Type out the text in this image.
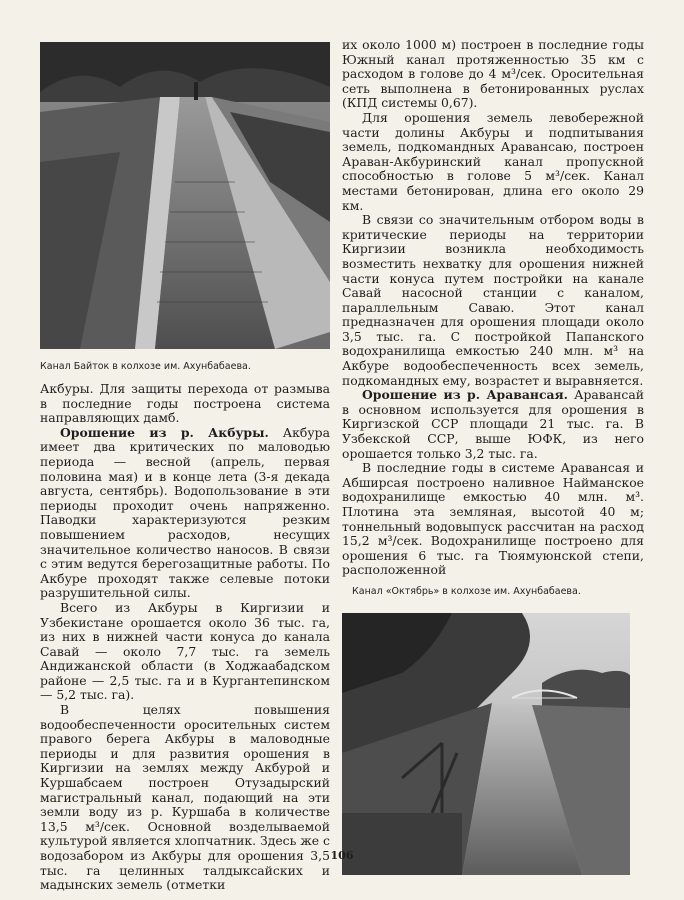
Канал Байток в колхозе им. Ахунбабаева.

Акбуры. Для защиты перехода от размыва в последние годы построена система направляющих дамб.

Орошение из р. Акбуры. Акбура имеет два критических по маловодью периода — весной (апрель, первая половина мая) и в конце лета (3-я декада августа, сентябрь). Водопользование в эти периоды проходит очень напряженно. Паводки характеризуются резким повышением расходов, несущих значительное количество наносов. В связи с этим ведутся берегозащитные работы. По Акбуре проходят также селевые потоки разрушительной силы.

Всего из Акбуры в Киргизии и Узбекистане орошается около 36 тыс. га, из них в нижней части конуса до канала Савай — около 7,7 тыс. га земель Андижанской области (в Ходжаабадском районе — 2,5 тыс. га и в Кургантепинском — 5,2 тыс. га).

В целях повышения водообеспеченности оросительных систем правого берега Акбуры в маловодные периоды и для развития орошения в Киргизии на землях между Акбурой и Куршабсаем построен Отузадырский магистральный канал, подающий на эти земли воду из р. Куршаба в количестве 13,5 м³/сек. Основной возделываемой культурой является хлопчатник. Здесь же с водозабором из Акбуры для орошения 3,5 тыс. га целинных талдыксайских и мадынских земель (отметки

их около 1000 м) построен в последние годы Южный канал протяженностью 35 км с расходом в голове до 4 м³/сек. Оросительная сеть выполнена в бетонированных руслах (КПД системы 0,67).

Для орошения земель левобережной части долины Акбуры и подпитывания земель, подкомандных Аравансаю, построен Араван-Акбуринский канал пропускной способностью в голове 5 м³/сек. Канал местами бетонирован, длина его около 29 км.

В связи со значительным отбором воды в критические периоды на территории Киргизии возникла необходимость возместить нехватку для орошения нижней части конуса путем постройки на канале Савай насосной станции с каналом, параллельным Саваю. Этот канал предназначен для орошения площади около 3,5 тыс. га. С постройкой Папанского водохранилища емкостью 240 млн. м³ на Акбуре водообеспеченность всех земель, подкомандных ему, возрастет и выравняется.

Орошение из р. Аравансая. Аравансай в основном используется для орошения в Киргизской ССР площади 21 тыс. га. В Узбекской ССР, выше ЮФК, из него орошается только 3,2 тыс. га.

В последние годы в системе Аравансая и Абширсая построено наливное Найманское водохранилище емкостью 40 млн. м³. Плотина эта земляная, высотой 40 м; тоннельный водовыпуск рассчитан на расход 15,2 м³/сек. Водохранилище построено для орошения 6 тыс. га Тюямуюнской степи, расположенной

Канал «Октябрь» в колхозе им. Ахунбабаева.
106
